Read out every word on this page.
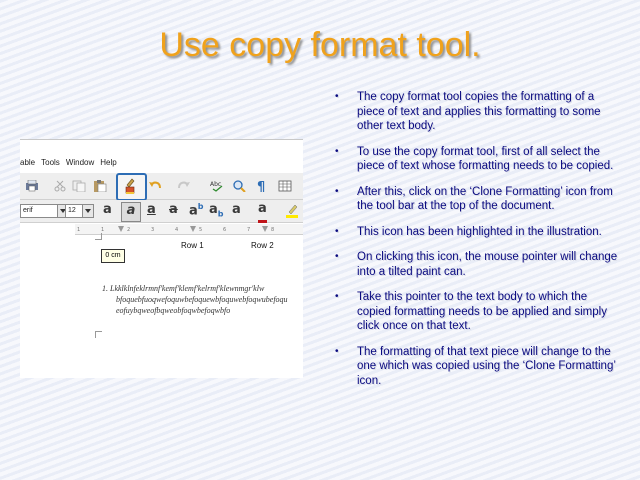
Use copy format tool.
able Tools Window Help
Abc	¶
erif	12	a	a a a $a^b$ $a_b$ a a
1	1	2	3	4	5	6	7	8
Row 1	Row 2
0 cm
1. Lkklklnfeklrmnf'kemf'klemf'kelrmf'klewnmgr'klw
bfoquebfuoqwefoquwbefoquewbfoquwebfoqwubefoqu
eofuybqweofbqweobfoqwbefoqwbfo
• The copy format tool copies the formatting of a piece of text and applies this formatting to some other text body.
• To use the copy format tool, first of all select the piece of text whose formatting needs to be copied.
• After this, click on the ‘Clone Formatting’ icon from the tool bar at the top of the document.
• This icon has been highlighted in the illustration.
• On clicking this icon, the mouse pointer will change into a tilted paint can.
• Take this pointer to the text body to which the copied formatting needs to be applied and simply click once on that text.
• The formatting of that text piece will change to the one which was copied using the ‘Clone Formatting’ icon.
